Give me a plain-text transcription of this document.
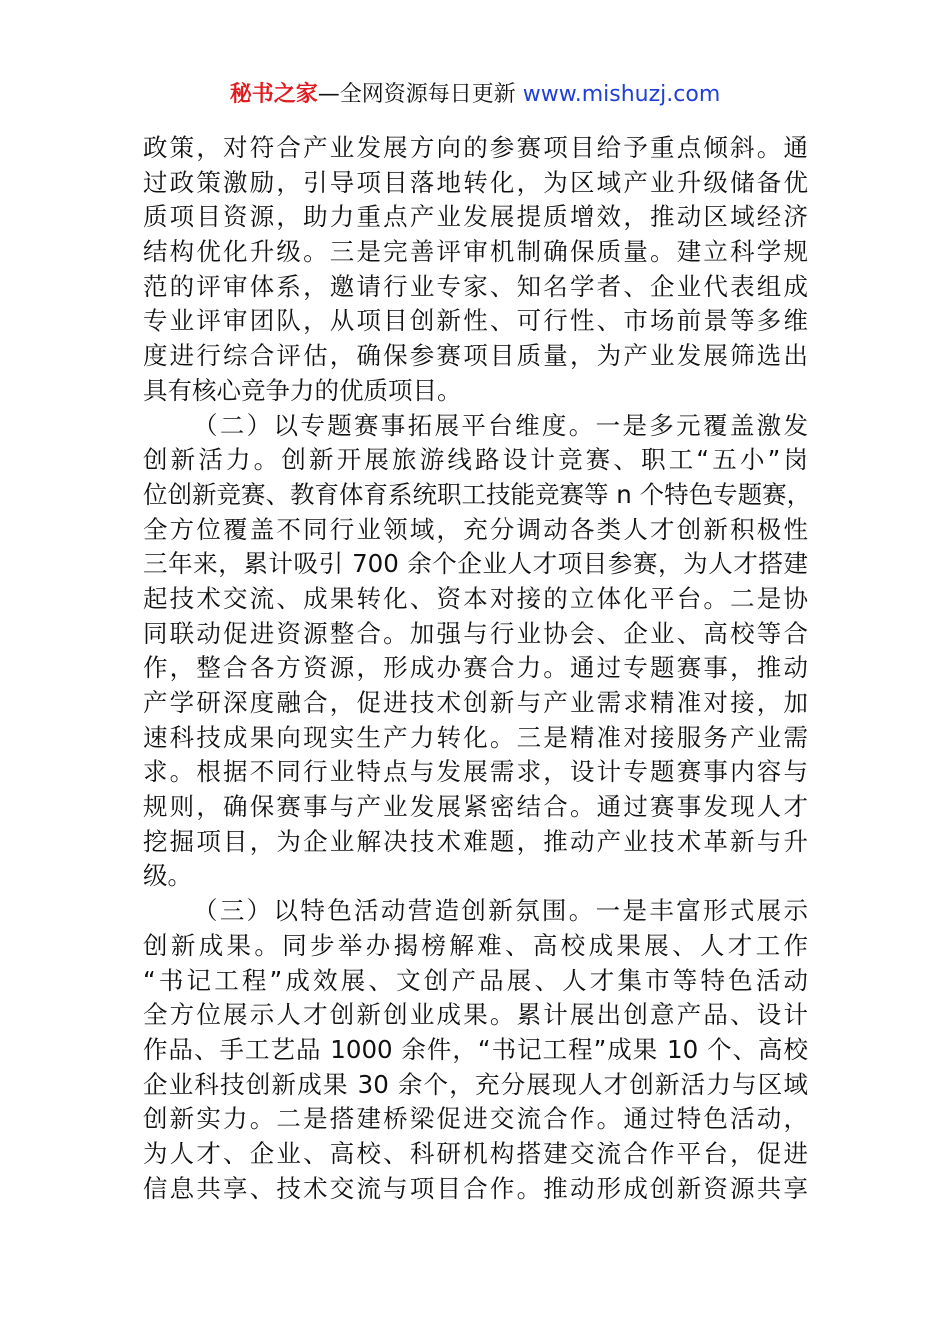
秘书之家—全网资源每日更新 www.mishuzj.com
政策，对符合产业发展方向的参赛项目给予重点倾斜。通
过政策激励，引导项目落地转化，为区域产业升级储备优
质项目资源，助力重点产业发展提质增效，推动区域经济
结构优化升级。三是完善评审机制确保质量。建立科学规
范的评审体系，邀请行业专家、知名学者、企业代表组成
专业评审团队，从项目创新性、可行性、市场前景等多维
度进行综合评估，确保参赛项目质量，为产业发展筛选出
具有核心竞争力的优质项目。
（二）以专题赛事拓展平台维度。一是多元覆盖激发
创新活力。创新开展旅游线路设计竞赛、职工“五小”岗
位创新竞赛、教育体育系统职工技能竞赛等 n 个特色专题赛，
全方位覆盖不同行业领域，充分调动各类人才创新积极性
三年来，累计吸引 700 余个企业人才项目参赛，为人才搭建
起技术交流、成果转化、资本对接的立体化平台。二是协
同联动促进资源整合。加强与行业协会、企业、高校等合
作，整合各方资源，形成办赛合力。通过专题赛事，推动
产学研深度融合，促进技术创新与产业需求精准对接，加
速科技成果向现实生产力转化。三是精准对接服务产业需
求。根据不同行业特点与发展需求，设计专题赛事内容与
规则，确保赛事与产业发展紧密结合。通过赛事发现人才
挖掘项目，为企业解决技术难题，推动产业技术革新与升
级。
（三）以特色活动营造创新氛围。一是丰富形式展示
创新成果。同步举办揭榜解难、高校成果展、人才工作
“书记工程”成效展、文创产品展、人才集市等特色活动
全方位展示人才创新创业成果。累计展出创意产品、设计
作品、手工艺品 1000 余件，“书记工程”成果 10 个、高校
企业科技创新成果 30 余个，充分展现人才创新活力与区域
创新实力。二是搭建桥梁促进交流合作。通过特色活动，
为人才、企业、高校、科研机构搭建交流合作平台，促进
信息共享、技术交流与项目合作。推动形成创新资源共享
